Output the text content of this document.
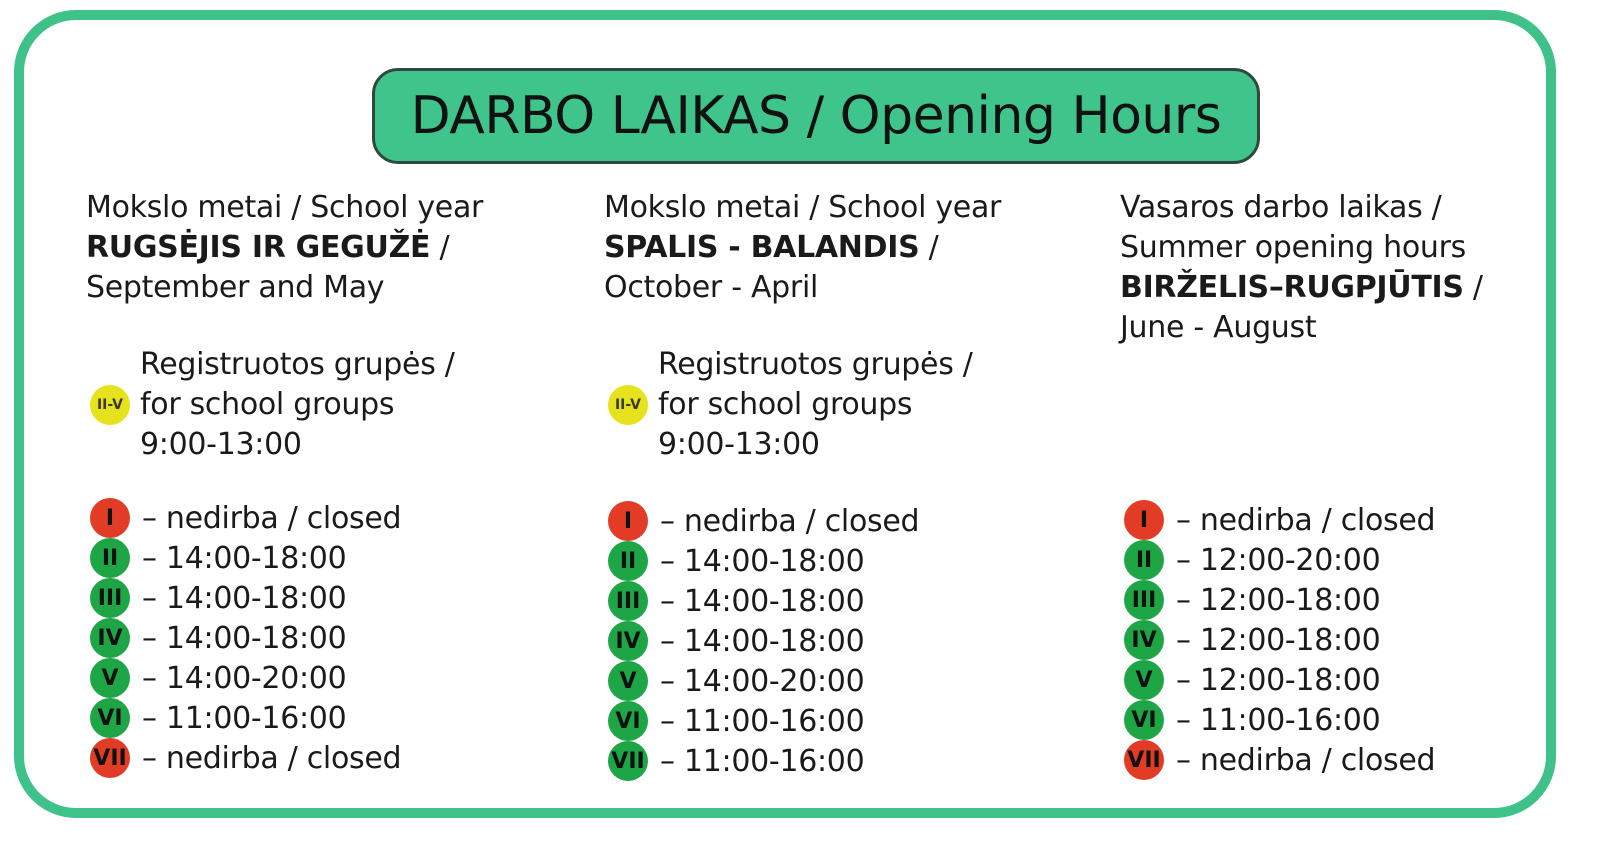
DARBO LAIKAS / Opening Hours
Mokslo metai / School year
RUGSĖJIS IR GEGUŽĖ /
September and May
II-V
Registruotos grupės /
for school groups
9:00-13:00
I – nedirba / closed
II – 14:00-18:00
III – 14:00-18:00
IV – 14:00-18:00
V – 14:00-20:00
VI – 11:00-16:00
VII – nedirba / closed
Mokslo metai / School year
SPALIS - BALANDIS /
October - April
II-V
Registruotos grupės /
for school groups
9:00-13:00
I – nedirba / closed
II – 14:00-18:00
III – 14:00-18:00
IV – 14:00-18:00
V – 14:00-20:00
VI – 11:00-16:00
VII – 11:00-16:00
Vasaros darbo laikas /
Summer opening hours
BIRŽELIS–RUGPJŪTIS /
June - August
I – nedirba / closed
II – 12:00-20:00
III – 12:00-18:00
IV – 12:00-18:00
V – 12:00-18:00
VI – 11:00-16:00
VII – nedirba / closed
